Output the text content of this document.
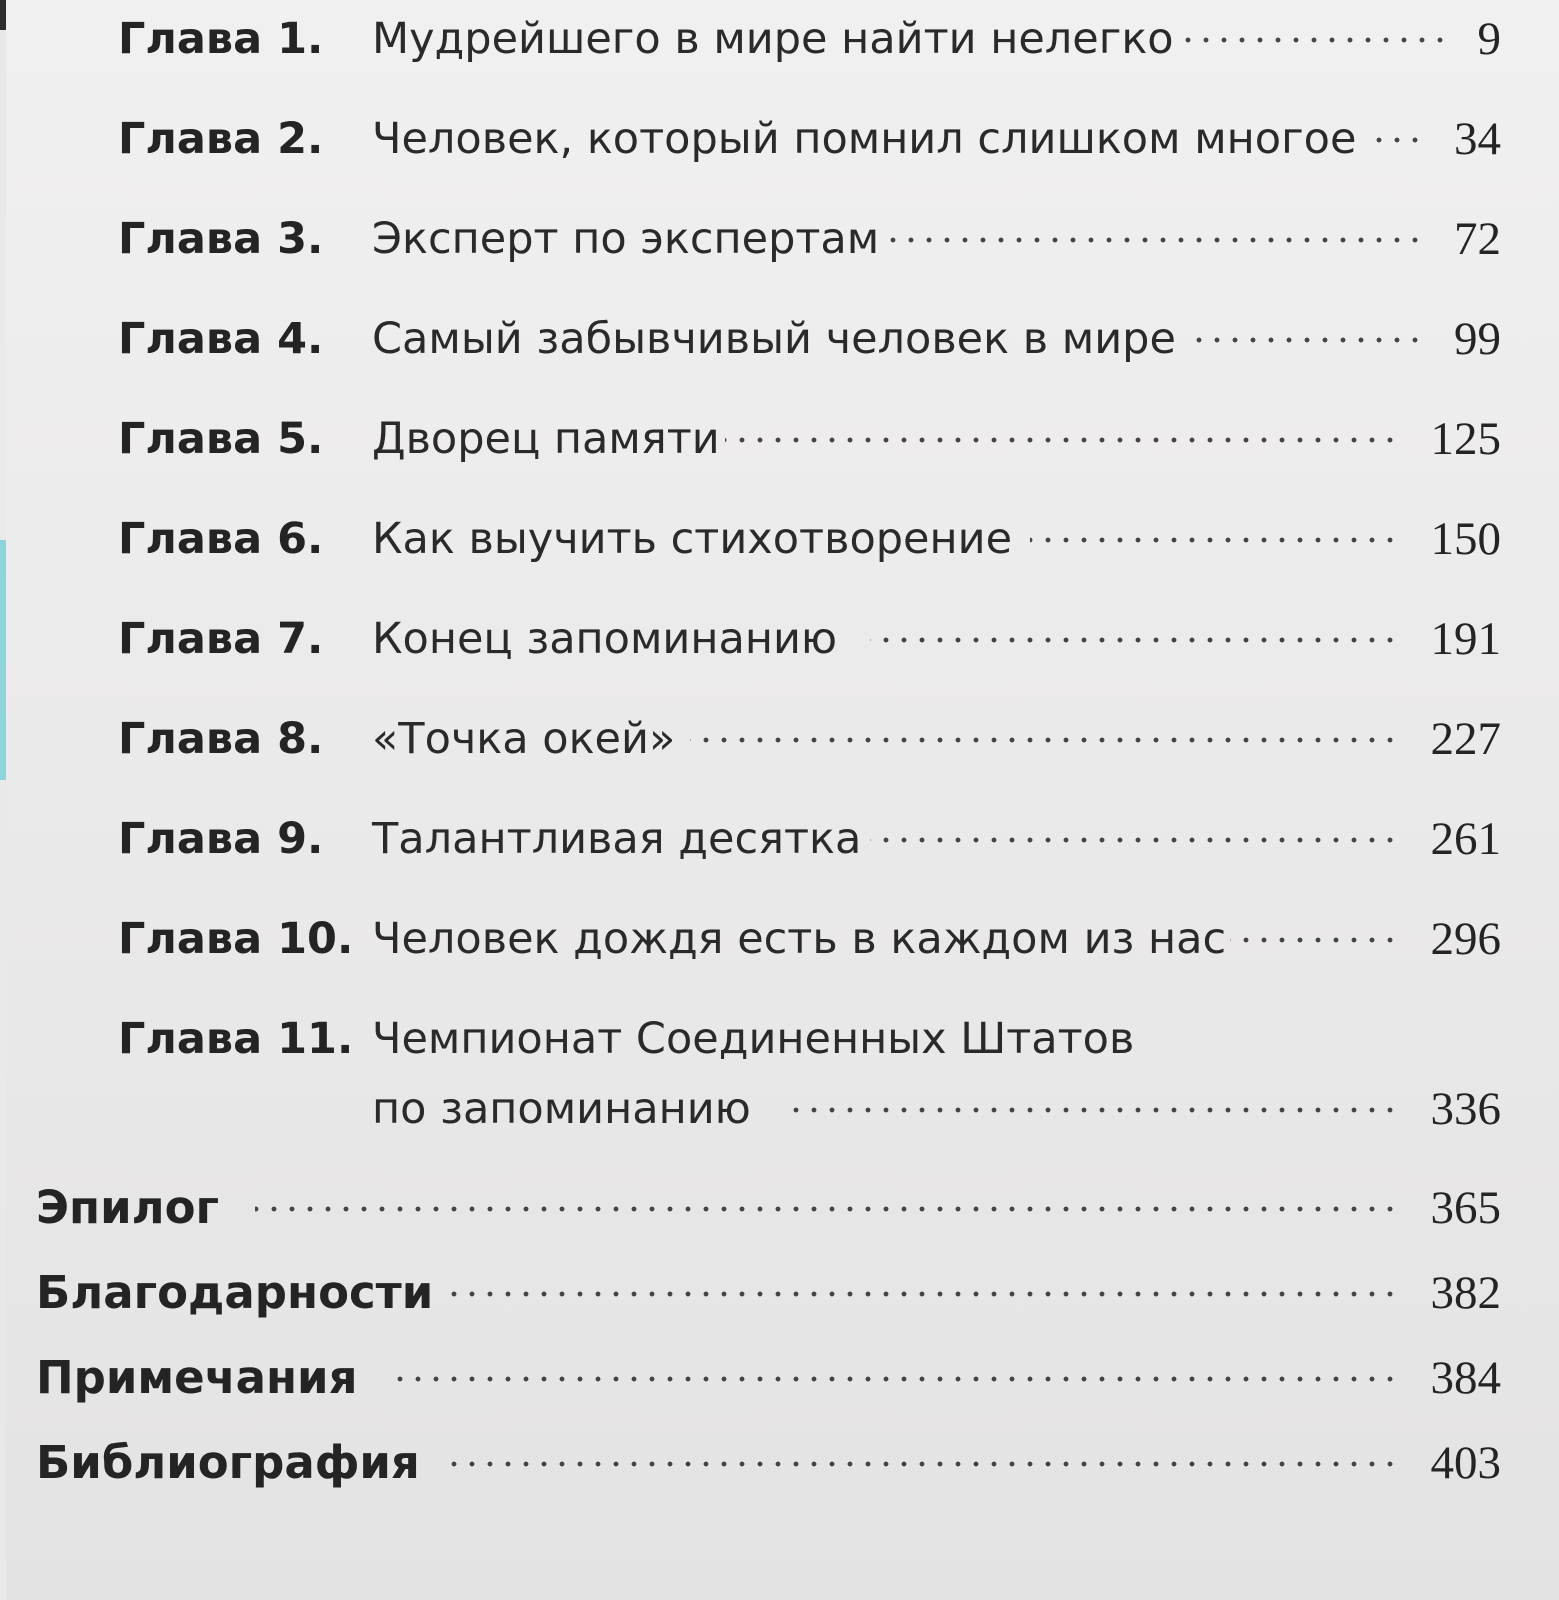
Глава 1. Мудрейшего в мире найти нелегко	9
Глава 2. Человек, который помнил слишком многое 34
Глава 3. Эксперт по экспертам	72
Глава 4. Самый забывчивый человек в мире	99
Глава 5. Дворец памяти	125
Глава 6. Как выучить стихотворение	150
Глава 7. Конец запоминанию	191
Глава 8. «Точка окей»	227
Глава 9. Талантливая десятка	261
Глава 10. Человек дождя есть в каждом из нас	296
Глава 11. Чемпионат Соединенных Штатов
по запоминанию	336
Эпилог	365
Благодарности	382
Примечания	384
Библиография	403
